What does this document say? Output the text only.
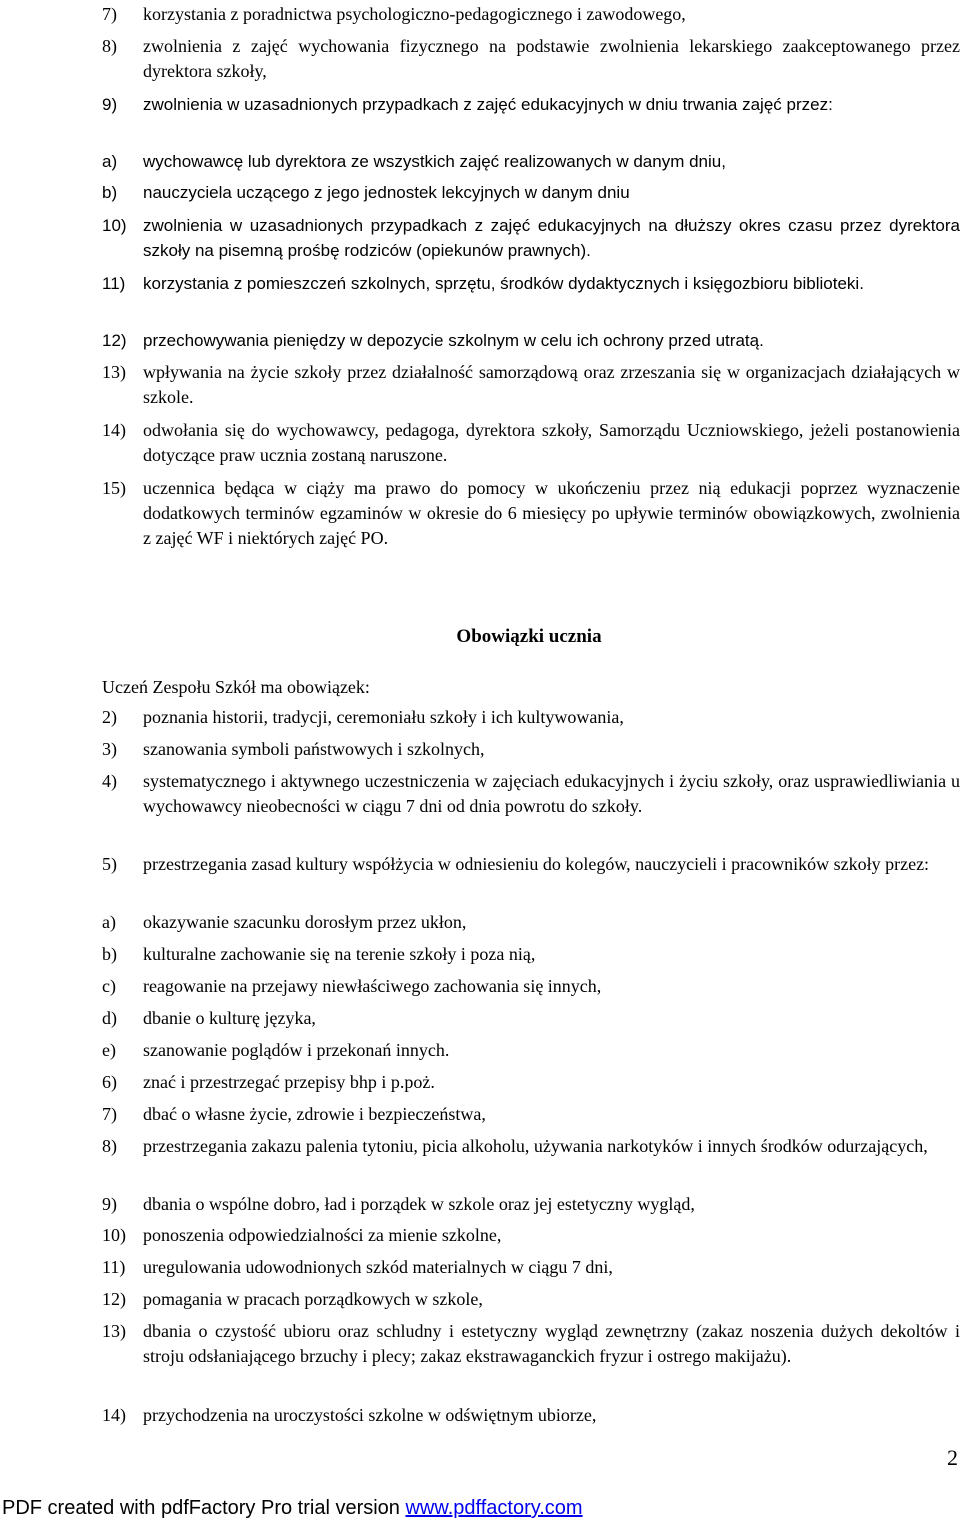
7) korzystania z poradnictwa psychologiczno-pedagogicznego i zawodowego,
8) zwolnienia z zajęć wychowania fizycznego na podstawie zwolnienia lekarskiego zaakceptowanego przez dyrektora szkoły,
9) zwolnienia w uzasadnionych przypadkach z zajęć edukacyjnych w dniu trwania zajęć przez:
a) wychowawcę lub dyrektora ze wszystkich zajęć realizowanych w danym dniu,
b) nauczyciela uczącego z jego jednostek lekcyjnych w danym dniu
10) zwolnienia w uzasadnionych przypadkach z zajęć edukacyjnych na dłuższy okres czasu przez dyrektora szkoły na pisemną prośbę rodziców (opiekunów prawnych).
11) korzystania z pomieszczeń szkolnych, sprzętu, środków dydaktycznych i księgozbioru biblioteki.
12) przechowywania pieniędzy w depozycie szkolnym w celu ich ochrony przed utratą.
13) wpływania na życie szkoły przez działalność samorządową oraz zrzeszania się w organizacjach działających w szkole.
14) odwołania się do wychowawcy, pedagoga, dyrektora szkoły, Samorządu Uczniowskiego, jeżeli postanowienia dotyczące praw ucznia zostaną naruszone.
15) uczennica będąca w ciąży ma prawo do pomocy w ukończeniu przez nią edukacji poprzez wyznaczenie dodatkowych terminów egzaminów w okresie do 6 miesięcy po upływie terminów obowiązkowych, zwolnienia z zajęć WF i niektórych zajęć PO.
Obowiązki ucznia
Uczeń Zespołu Szkół ma obowiązek:
2) poznania historii, tradycji, ceremoniału szkoły i ich kultywowania,
3) szanowania symboli państwowych i szkolnych,
4) systematycznego i aktywnego uczestniczenia w zajęciach edukacyjnych i życiu szkoły, oraz usprawiedliwiania u wychowawcy nieobecności w ciągu 7 dni od dnia powrotu do szkoły.
5) przestrzegania zasad kultury współżycia w odniesieniu do kolegów, nauczycieli i pracowników szkoły przez:
a) okazywanie szacunku dorosłym przez ukłon,
b) kulturalne zachowanie się na terenie szkoły i poza nią,
c) reagowanie na przejawy niewłaściwego zachowania się innych,
d) dbanie o kulturę języka,
e) szanowanie poglądów i przekonań innych.
6) znać i przestrzegać przepisy bhp i p.poż.
7) dbać o własne życie, zdrowie i bezpieczeństwa,
8) przestrzegania zakazu palenia tytoniu, picia alkoholu, używania narkotyków i innych środków odurzających,
9) dbania o wspólne dobro, ład i porządek w szkole oraz jej estetyczny wygląd,
10) ponoszenia odpowiedzialności za mienie szkolne,
11) uregulowania udowodnionych szkód materialnych w ciągu 7 dni,
12) pomagania w pracach porządkowych w szkole,
13) dbania o czystość ubioru oraz schludny i estetyczny wygląd zewnętrzny (zakaz noszenia dużych dekoltów i stroju odsłaniającego brzuchy i plecy; zakaz ekstrawaganckich fryzur i ostrego makijażu).
14) przychodzenia na uroczystości szkolne w odświętnym ubiorze,
2
PDF created with pdfFactory Pro trial version www.pdffactory.com
